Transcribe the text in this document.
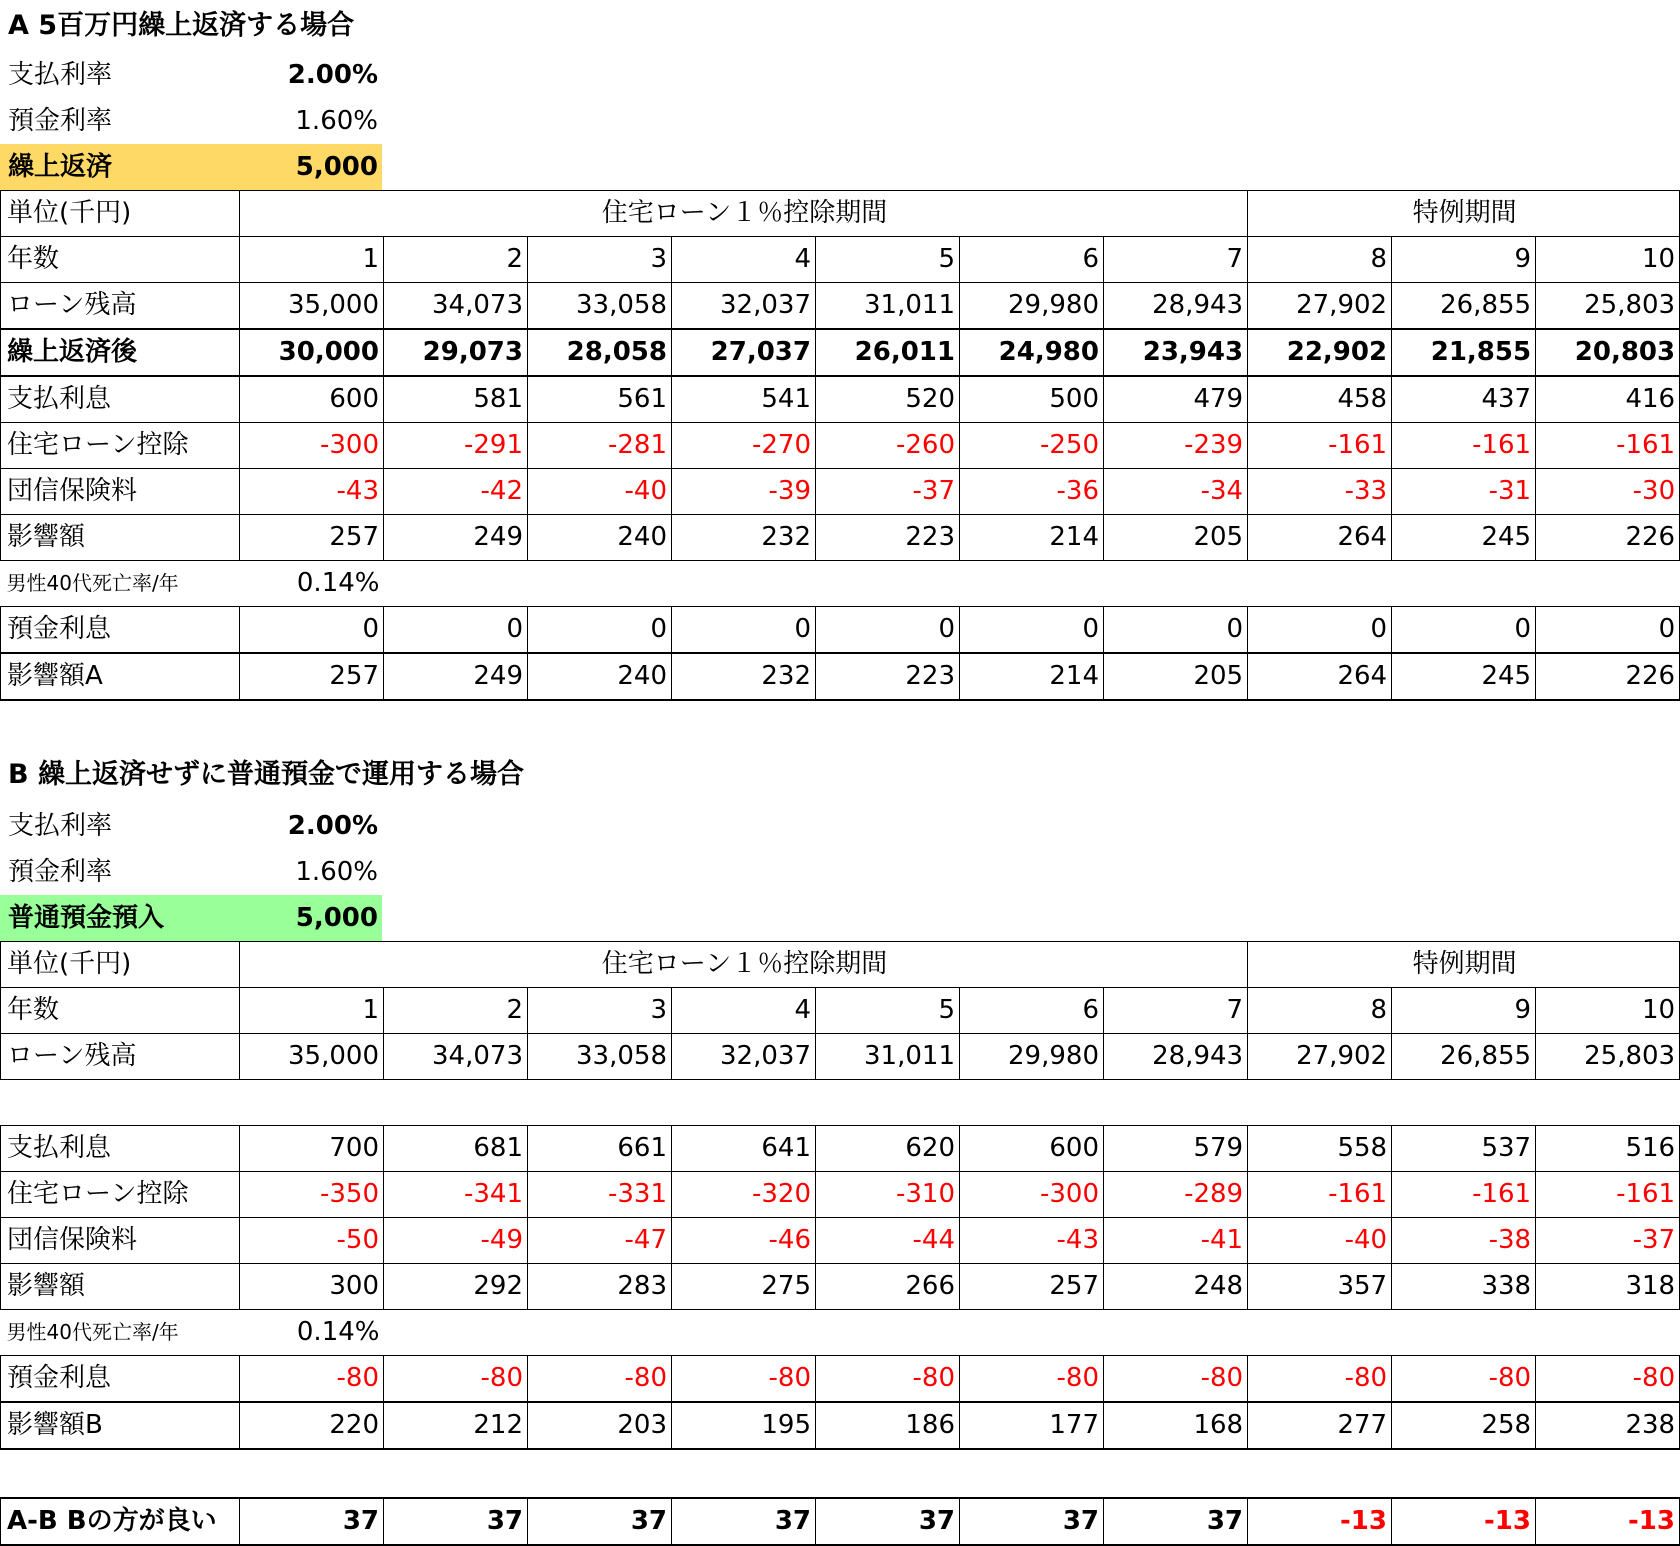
A 5百万円繰上返済する場合
支払利率	2.00%
預金利率	1.60%
繰上返済	5,000
単位(千円)	住宅ローン１％控除期間							特例期間		
年数	1	2	3	4	5	6	7	8	9	10
ローン残高	35,000	34,073	33,058	32,037	31,011	29,980	28,943	27,902	26,855	25,803
繰上返済後	30,000	29,073	28,058	27,037	26,011	24,980	23,943	22,902	21,855	20,803
支払利息	600	581	561	541	520	500	479	458	437	416
住宅ローン控除	-300	-291	-281	-270	-260	-250	-239	-161	-161	-161
団信保険料	-43	-42	-40	-39	-37	-36	-34	-33	-31	-30
影響額	257	249	240	232	223	214	205	264	245	226
男性40代死亡率/年	0.14%									
預金利息	0	0	0	0	0	0	0	0	0	0
影響額A	257	249	240	232	223	214	205	264	245	226
B 繰上返済せずに普通預金で運用する場合
支払利率	2.00%
預金利率	1.60%
普通預金預入	5,000
単位(千円)	住宅ローン１％控除期間							特例期間		
年数	1	2	3	4	5	6	7	8	9	10
ローン残高	35,000	34,073	33,058	32,037	31,011	29,980	28,943	27,902	26,855	25,803

支払利息	700	681	661	641	620	600	579	558	537	516
住宅ローン控除	-350	-341	-331	-320	-310	-300	-289	-161	-161	-161
団信保険料	-50	-49	-47	-46	-44	-43	-41	-40	-38	-37
影響額	300	292	283	275	266	257	248	357	338	318
男性40代死亡率/年	0.14%									
預金利息	-80	-80	-80	-80	-80	-80	-80	-80	-80	-80
影響額B	220	212	203	195	186	177	168	277	258	238
A-B Bの方が良い	37	37	37	37	37	37	37	-13	-13	-13
